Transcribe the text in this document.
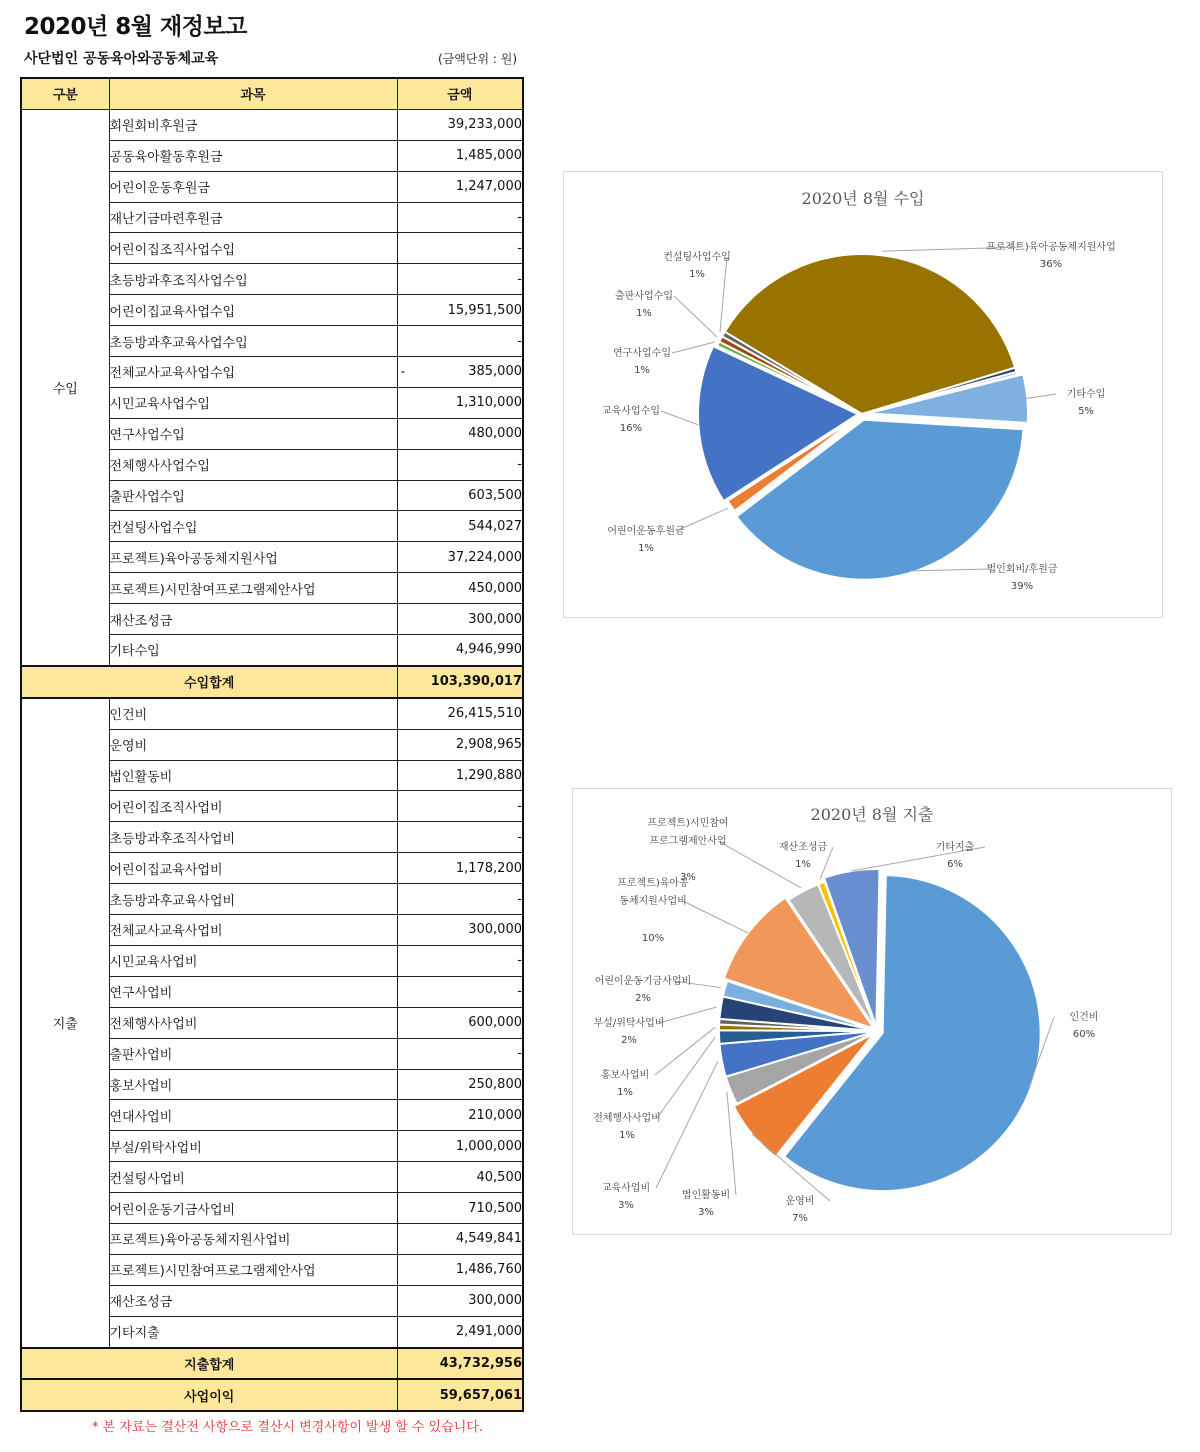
2020년 8월 재정보고
사단법인 공동육아와공동체교육	(금액단위 : 원)
구분	과목	금액
수입	회원회비후원금	39,233,000
	공동육아활동후원금	1,485,000
	어린이운동후원금	1,247,000
	재난기금마련후원금	-
	어린이집조직사업수입	-
	초등방과후조직사업수입	-
	어린이집교육사업수입	15,951,500
	초등방과후교육사업수입	-
	전체교사교육사업수입	- 385,000
	시민교육사업수입	1,310,000
	연구사업수입	480,000
	전체행사사업수입	-
	출판사업수입	603,500
	컨설팅사업수입	544,027
	프로젝트)육아공동체지원사업	37,224,000
	프로젝트)시민참여프로그램제안사업	450,000
	재산조성금	300,000
	기타수입	4,946,990
수입합계		103,390,017
지출	인건비	26,415,510
	운영비	2,908,965
	법인활동비	1,290,880
	어린이집조직사업비	-
	초등방과후조직사업비	-
	어린이집교육사업비	1,178,200
	초등방과후교육사업비	-
	전체교사교육사업비	300,000
	시민교육사업비	-
	연구사업비	-
	전체행사사업비	600,000
	출판사업비	-
	홍보사업비	250,800
	연대사업비	210,000
	부설/위탁사업비	1,000,000
	컨설팅사업비	40,500
	어린이운동기금사업비	710,500
	프로젝트)육아공동체지원사업비	4,549,841
	프로젝트)시민참여프로그램제안사업	1,486,760
	재산조성금	300,000
	기타지출	2,491,000
지출합계		43,732,956
사업이익		59,657,061
* 본 자료는 결산전 사항으로 결산시 변경사항이 발생 할 수 있습니다.
2020년 8월 수입
법인회비/후원금
39%
어린이운동후원금
1%
교육사업수입
16%
연구사업수입
1%
출판사업수입
1%
컨설팅사업수입
1%
프로젝트)육아공동체지원사업
36%
기타수입
5%
2020년 8월 지출
인건비
60%
운영비
7%
법인활동비
3%
교육사업비
3%
전체행사사업비
1%
홍보사업비
1%
부설/위탁사업비
2%
어린이운동기금사업비
2%
프로젝트)육아공 동체지원사업비
10%
프로젝트)시민참여 프로그램제안사업
3%
재산조성금
1%
기타지출
6%
